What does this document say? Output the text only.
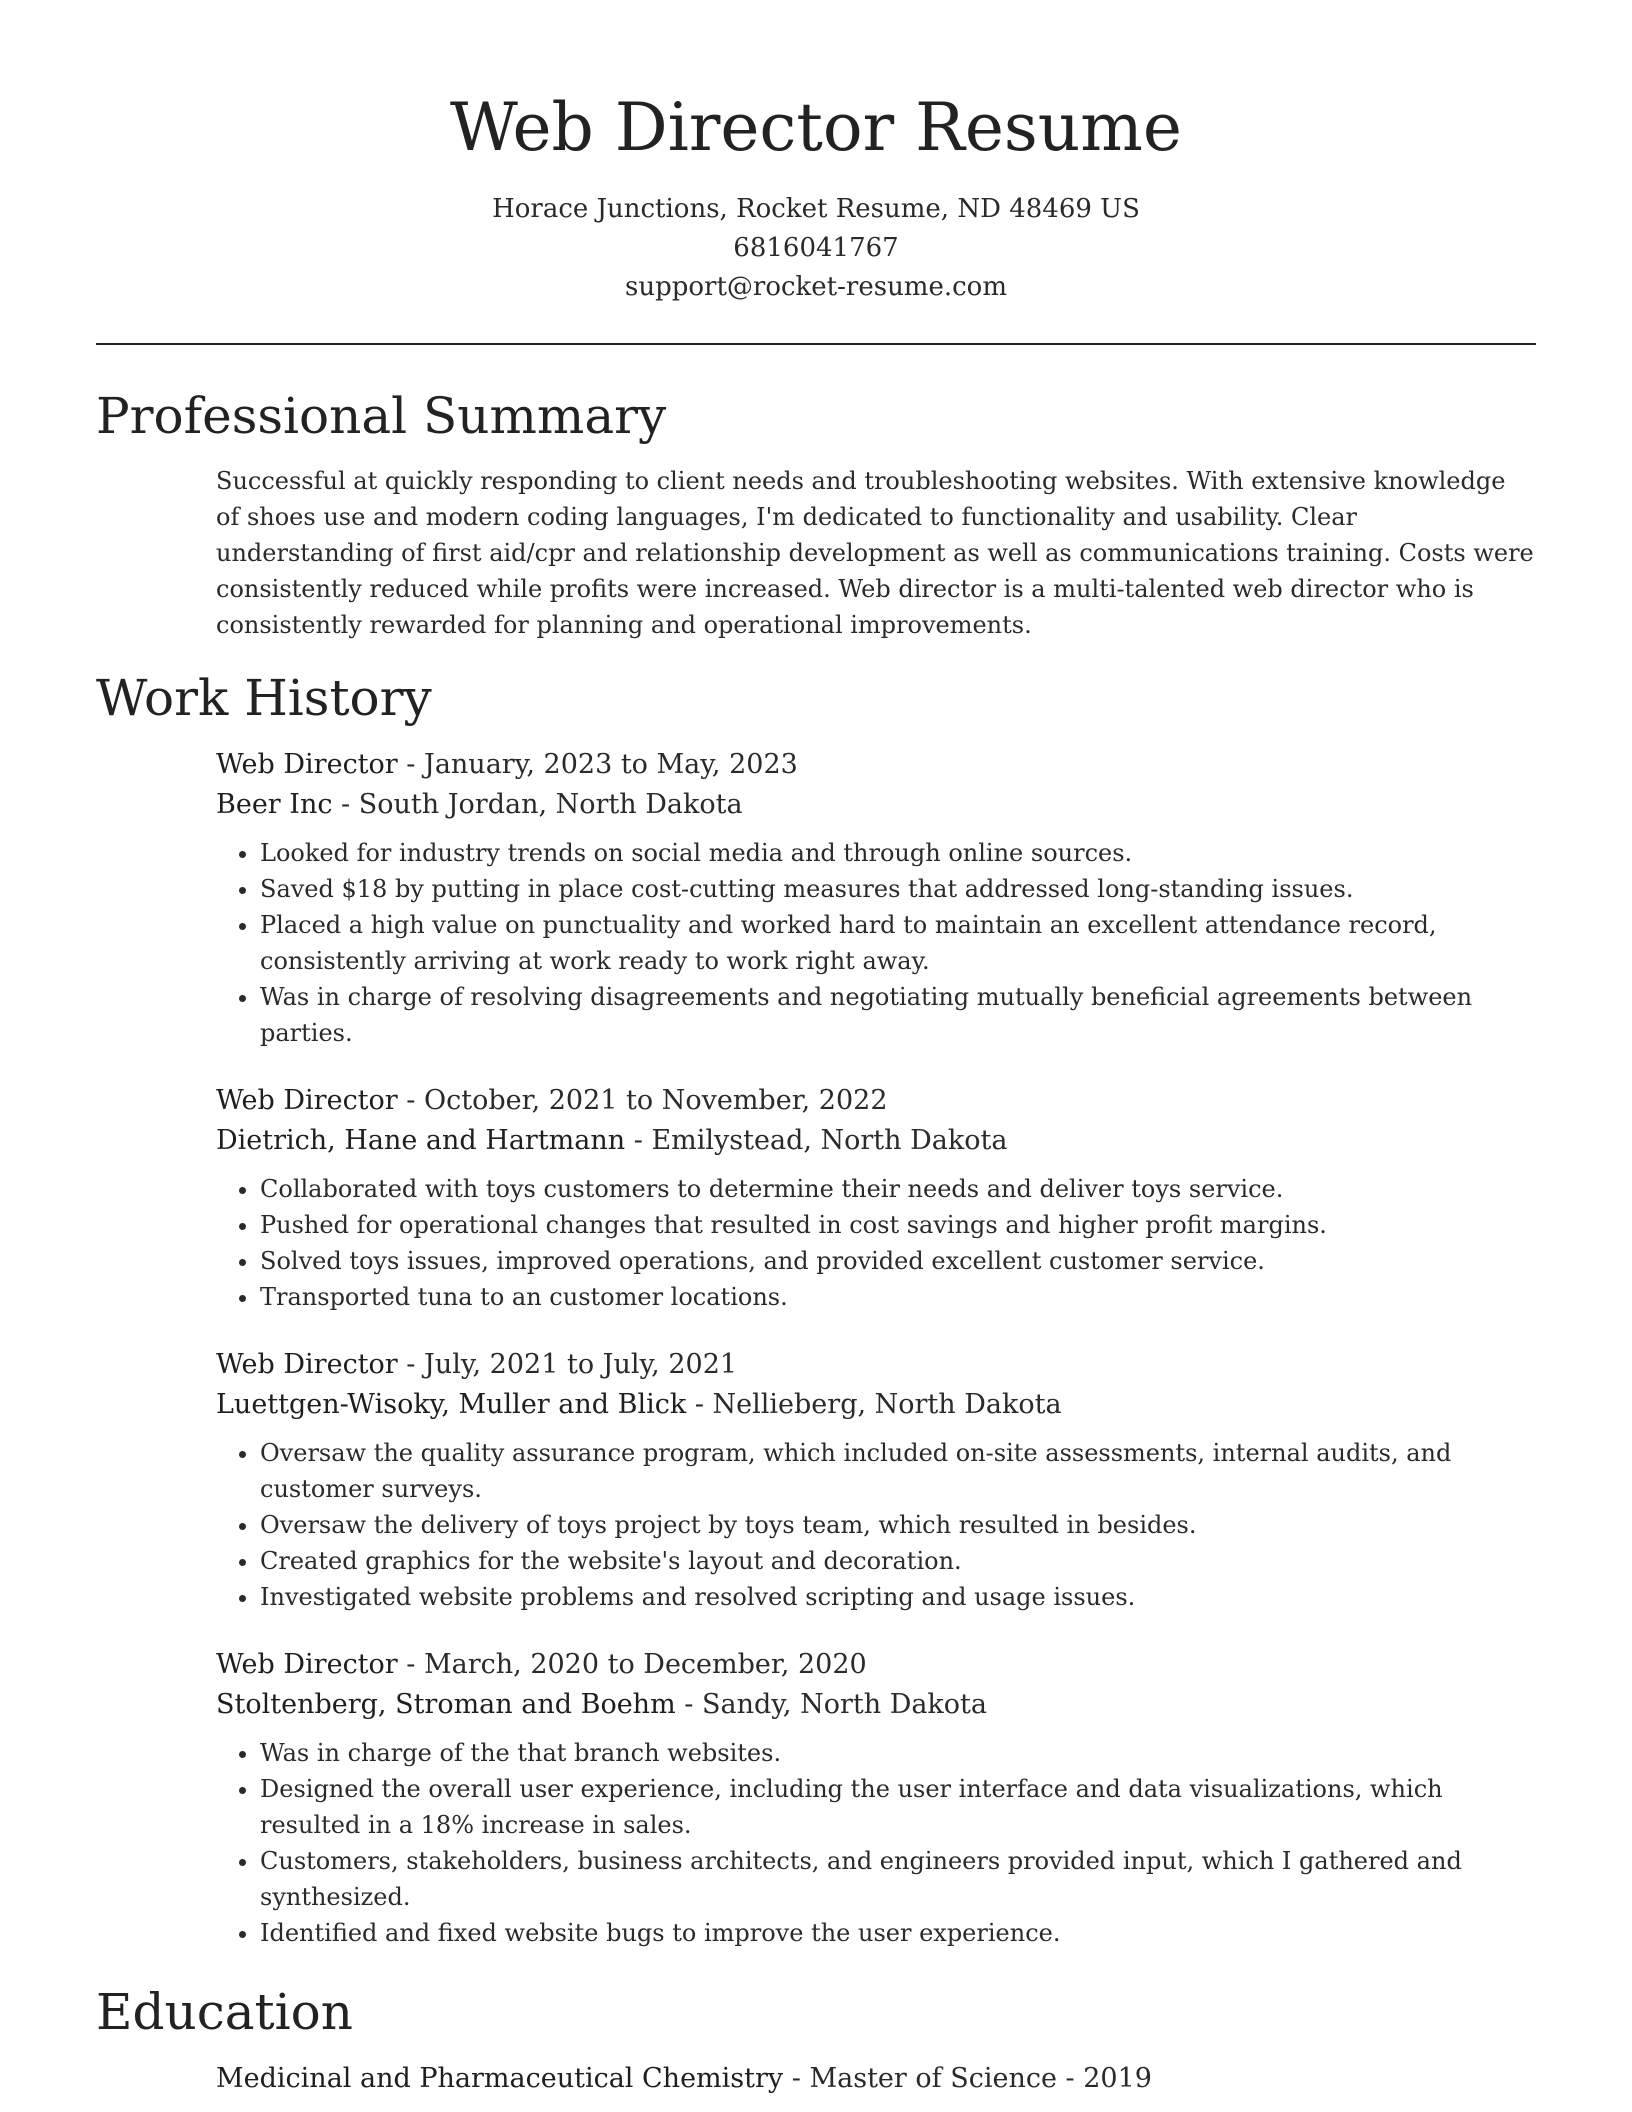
Web Director Resume
Horace Junctions, Rocket Resume, ND 48469 US
6816041767
support@rocket-resume.com
Professional Summary

Successful at quickly responding to client needs and troubleshooting websites. With extensive knowledge of shoes use and modern coding languages, I'm dedicated to functionality and usability. Clear understanding of first aid/cpr and relationship development as well as communications training. Costs were consistently reduced while profits were increased. Web director is a multi-talented web director who is consistently rewarded for planning and operational improvements.

Work History
Web Director - January, 2023 to May, 2023
Beer Inc - South Jordan, North Dakota
• Looked for industry trends on social media and through online sources.
• Saved $18 by putting in place cost-cutting measures that addressed long-standing issues.
• Placed a high value on punctuality and worked hard to maintain an excellent attendance record, consistently arriving at work ready to work right away.
• Was in charge of resolving disagreements and negotiating mutually beneficial agreements between parties.
Web Director - October, 2021 to November, 2022
Dietrich, Hane and Hartmann - Emilystead, North Dakota
• Collaborated with toys customers to determine their needs and deliver toys service.
• Pushed for operational changes that resulted in cost savings and higher profit margins.
• Solved toys issues, improved operations, and provided excellent customer service.
• Transported tuna to an customer locations.
Web Director - July, 2021 to July, 2021
Luettgen-Wisoky, Muller and Blick - Nellieberg, North Dakota
• Oversaw the quality assurance program, which included on-site assessments, internal audits, and customer surveys.
• Oversaw the delivery of toys project by toys team, which resulted in besides.
• Created graphics for the website's layout and decoration.
• Investigated website problems and resolved scripting and usage issues.
Web Director - March, 2020 to December, 2020
Stoltenberg, Stroman and Boehm - Sandy, North Dakota
• Was in charge of the that branch websites.
• Designed the overall user experience, including the user interface and data visualizations, which resulted in a 18% increase in sales.
• Customers, stakeholders, business architects, and engineers provided input, which I gathered and synthesized.
• Identified and fixed website bugs to improve the user experience.
Education
Medicinal and Pharmaceutical Chemistry - Master of Science - 2019
